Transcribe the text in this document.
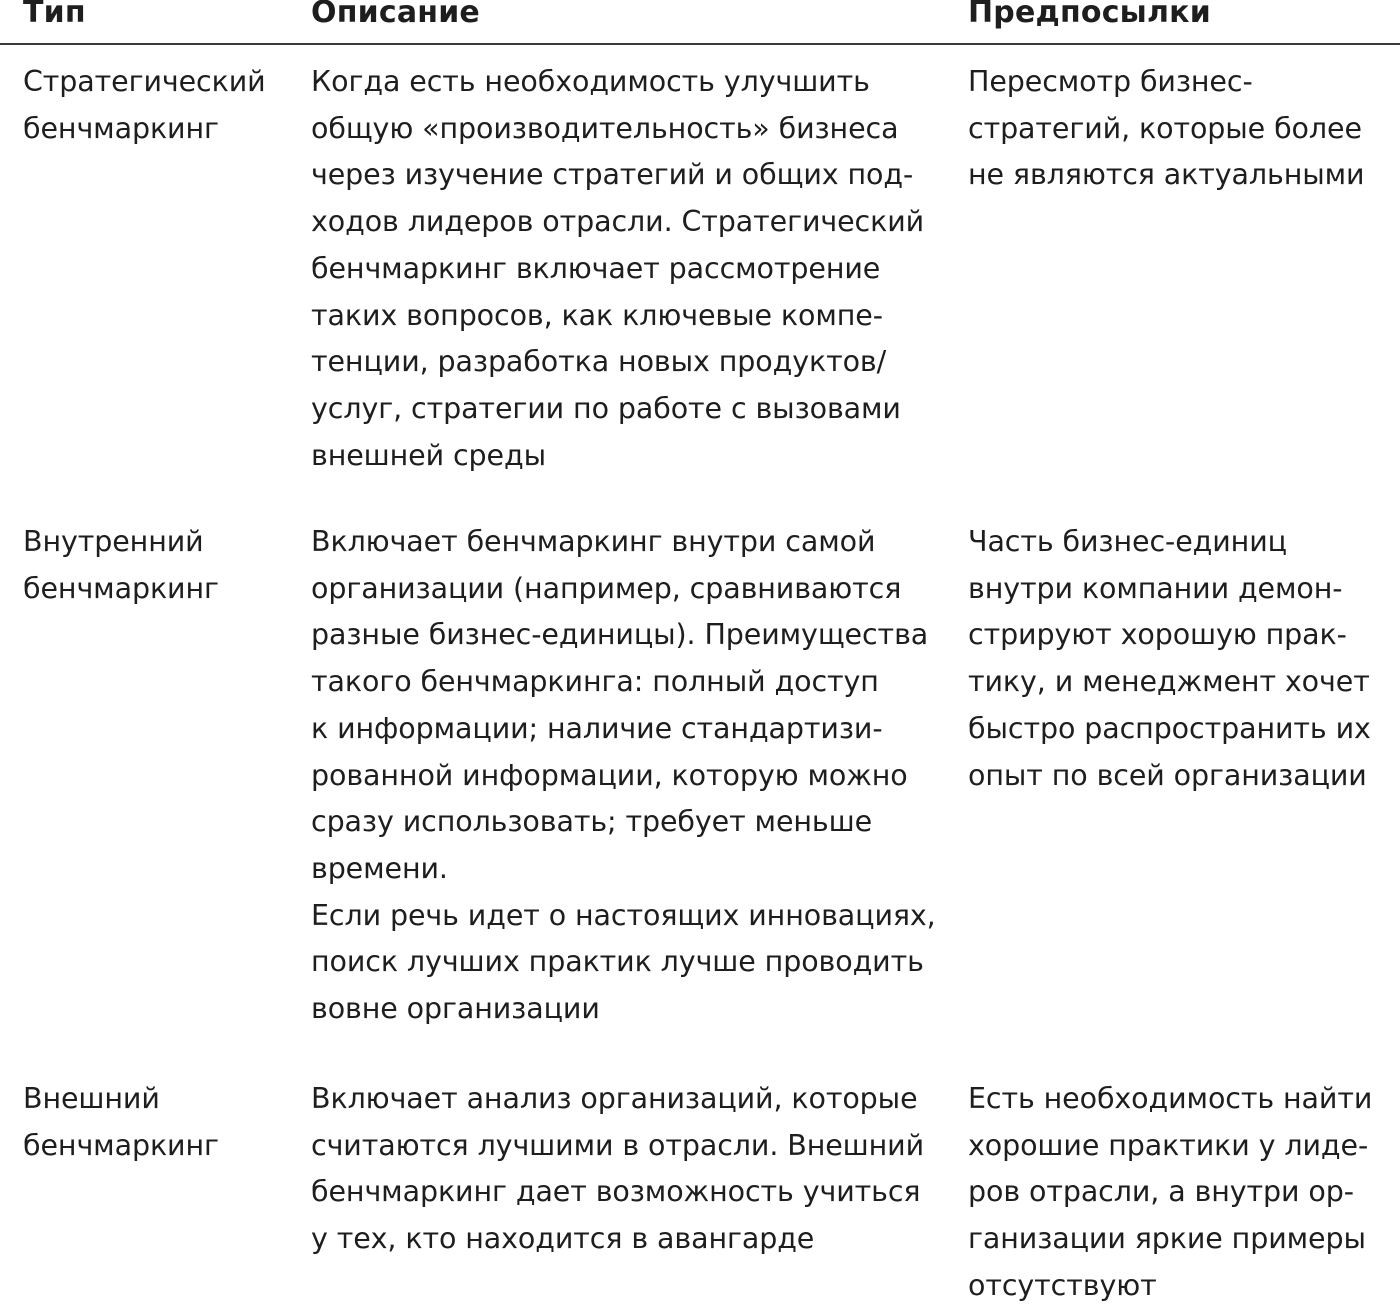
Тип	Описание	Предпосылки
Стратегический
бенчмаркинг
Когда есть необходимость улучшить
общую «производительность» бизнеса
через изучение стратегий и общих под-
ходов лидеров отрасли. Стратегический
бенчмаркинг включает рассмотрение
таких вопросов, как ключевые компе-
тенции, разработка новых продуктов/
услуг, стратегии по работе с вызовами
внешней среды
Пересмотр бизнес-
стратегий, которые более
не являются актуальными
Внутренний
бенчмаркинг
Включает бенчмаркинг внутри самой
организации (например, сравниваются
разные бизнес-единицы). Преимущества
такого бенчмаркинга: полный доступ
к информации; наличие стандартизи-
рованной информации, которую можно
сразу использовать; требует меньше
времени.
Если речь идет о настоящих инновациях,
поиск лучших практик лучше проводить
вовне организации
Часть бизнес-единиц
внутри компании демон-
стрируют хорошую прак-
тику, и менеджмент хочет
быстро распространить их
опыт по всей организации
Внешний
бенчмаркинг
Включает анализ организаций, которые
считаются лучшими в отрасли. Внешний
бенчмаркинг дает возможность учиться
у тех, кто находится в авангарде
Есть необходимость найти
хорошие практики у лиде-
ров отрасли, а внутри ор-
ганизации яркие примеры
отсутствуют
